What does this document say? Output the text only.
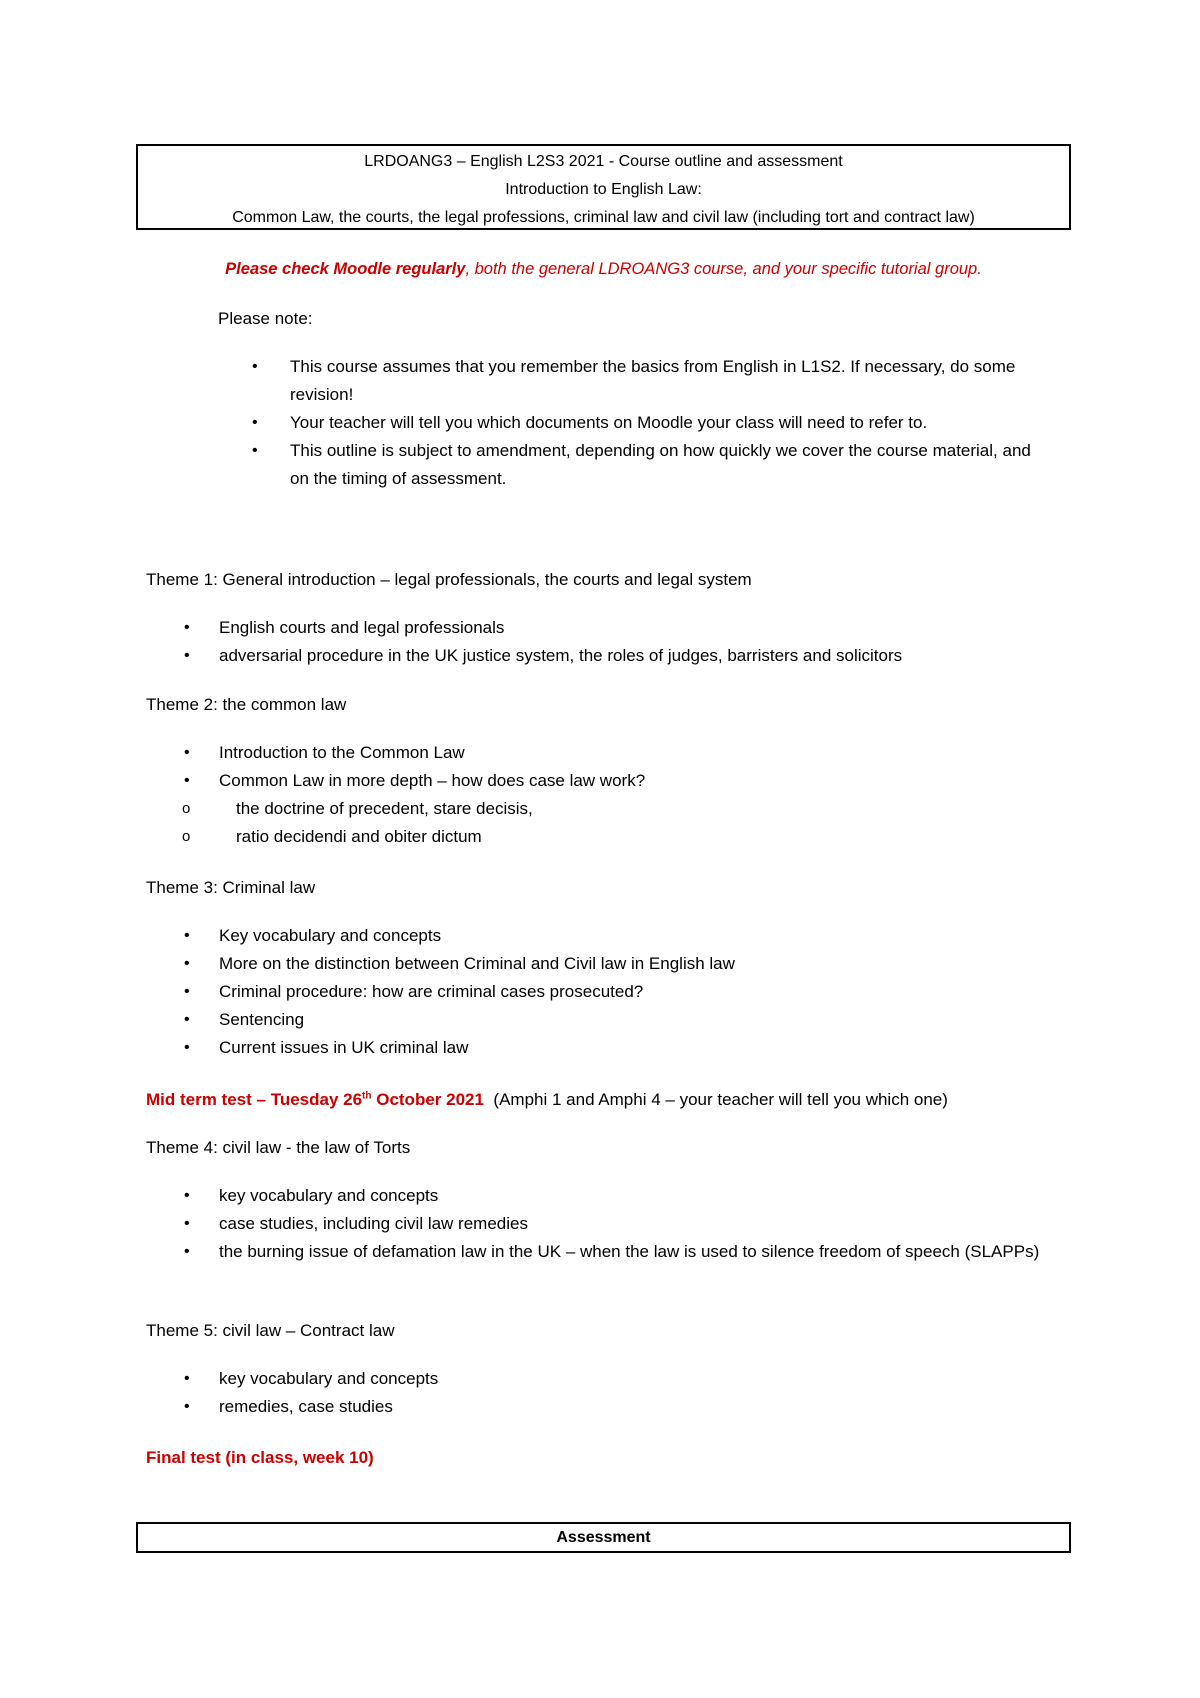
LRDOANG3 – English L2S3 2021 - Course outline and assessment
Introduction to English Law:
Common Law, the courts, the legal professions, criminal law and civil law (including tort and contract law)
Please check Moodle regularly, both the general LDROANG3 course, and your specific tutorial group.
Please note:
• This course assumes that you remember the basics from English in L1S2. If necessary, do some revision!
• Your teacher will tell you which documents on Moodle your class will need to refer to.
• This outline is subject to amendment, depending on how quickly we cover the course material, and on the timing of assessment.

Theme 1: General introduction – legal professionals, the courts and legal system

• English courts and legal professionals
• adversarial procedure in the UK justice system, the roles of judges, barristers and solicitors

Theme 2: the common law

• Introduction to the Common Law
• Common Law in more depth – how does case law work?
o	the doctrine of precedent, stare decisis,
o	ratio decidendi and obiter dictum

Theme 3: Criminal law

• Key vocabulary and concepts
• More on the distinction between Criminal and Civil law in English law
• Criminal procedure: how are criminal cases prosecuted?
• Sentencing
• Current issues in UK criminal law
Mid term test – Tuesday 26th October 2021 (Amphi 1 and Amphi 4 – your teacher will tell you which one)

Theme 4: civil law - the law of Torts

• key vocabulary and concepts
• case studies, including civil law remedies
• the burning issue of defamation law in the UK – when the law is used to silence freedom of speech (SLAPPs)

Theme 5: civil law – Contract law

• key vocabulary and concepts
• remedies, case studies
Final test (in class, week 10)
Assessment
